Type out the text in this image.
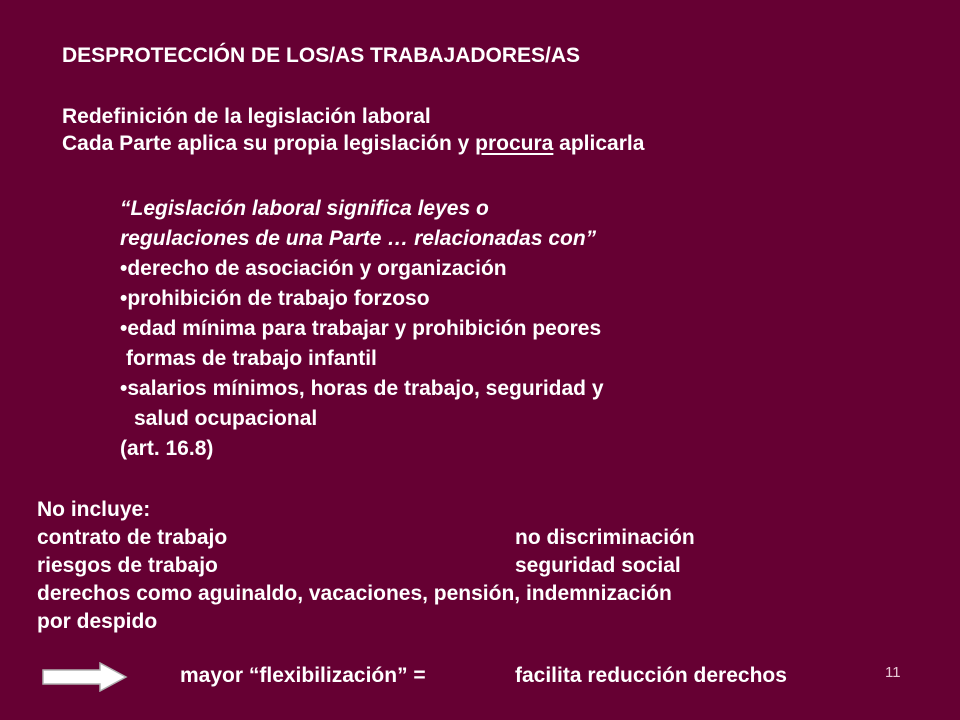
DESPROTECCIÓN DE LOS/AS TRABAJADORES/AS
Redefinición de la legislación laboral
Cada Parte aplica su propia legislación y procura aplicarla
“Legislación laboral significa leyes o
regulaciones de una Parte … relacionadas con”
•derecho de asociación y organización
•prohibición de trabajo forzoso
•edad mínima para trabajar y prohibición peores
formas de trabajo infantil
•salarios mínimos, horas de trabajo, seguridad y
salud ocupacional
(art. 16.8)
No incluye:
contrato de trabajo	no discriminación
riesgos de trabajo	seguridad social
derechos como aguinaldo, vacaciones, pensión, indemnización
por despido
mayor “flexibilización” =	facilita reducción derechos	11
